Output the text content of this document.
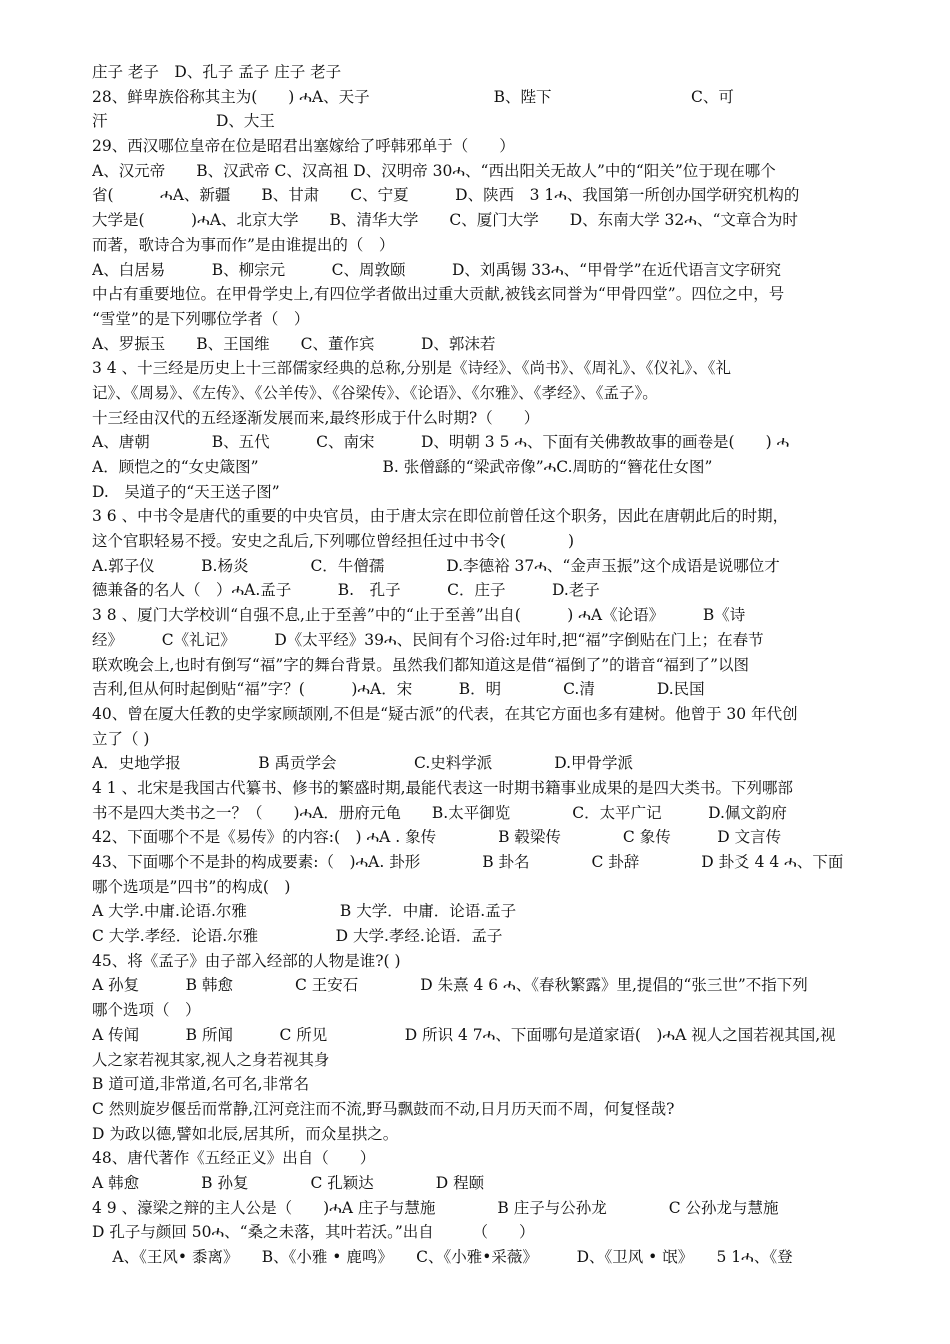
庄子 老子　D、孔子 孟子 庄子 老子
28、鲜卑族俗称其主为(　　) ሓA、天子　　　　　　　　B、陛下　　　　　　　　　C、可
汗　　　　　　　D、大王
29、西汉哪位皇帝在位是昭君出塞嫁给了呼韩邪单于（　　）
A、汉元帝　　B、汉武帝 C、汉高祖 D、汉明帝 30ሓ、“西出阳关无故人”中的“阳关”位于现在哪个
省(　　　ሓA、新疆　　B、甘肃　　C、宁夏　　　D、陕西　3 1ሓ、我国第一所创办国学研究机构的
大学是(　　　)ሓA、北京大学　　B、清华大学　　C、厦门大学　　D、东南大学 32ሓ、“文章合为时
而著，歌诗合为事而作”是由谁提出的（　）
A、白居易　　　B、柳宗元　　　C、周敦颐　　　D、刘禹锡 33ሓ、“甲骨学”在近代语言文字研究
中占有重要地位。在甲骨学史上,有四位学者做出过重大贡献,被钱玄同誉为“甲骨四堂”。四位之中，号
“雪堂”的是下列哪位学者（　）
A、罗振玉　　B、王国维　　C、董作宾　　　D、郭沫若
3 4 、十三经是历史上十三部儒家经典的总称,分别是《诗经》、《尚书》、《周礼》、《仪礼》、《礼
记》、《周易》、《左传》、《公羊传》、《谷梁传》、《论语》、《尔雅》、《孝经》、《孟子》。
十三经由汉代的五经逐渐发展而来,最终形成于什么时期?（　　）
A、唐朝　　　　B、五代　　　C、南宋　　　D、明朝 3 5 ሓ、下面有关佛教故事的画卷是(　　) ሓ
A．顾恺之的“女史箴图”　　　　　　　　B. 张僧繇的“梁武帝像”ሓC.周昉的“簪花仕女图”
D.　吴道子的“天王送子图”
3 6 、中书令是唐代的重要的中央官员，由于唐太宗在即位前曾任这个职务，因此在唐朝此后的时期，
这个官职轻易不授。安史之乱后,下列哪位曾经担任过中书令(　　　　)
A.郭子仪　　　B.杨炎　　　　C．牛僧孺　　　　D.李德裕 37ሓ、“金声玉振”这个成语是说哪位才
德兼备的名人（　）ሓA.孟子　　　B.　孔子　　　C．庄子　　　D.老子
3 8 、厦门大学校训“自强不息,止于至善”中的“止于至善”出自(　　　) ሓA《论语》　　　B《诗
经》　　　C《礼记》　　　D《太平经》39ሓ、民间有个习俗:过年时,把“福”字倒贴在门上；在春节
联欢晚会上,也时有倒写“福”字的舞台背景。虽然我们都知道这是借“福倒了”的谐音“福到了”以图
吉利,但从何时起倒贴“福”字？(　　　)ሓA．宋　　　B．明　　　　C.清　　　　D.民国
40、曾在厦大任教的史学家顾颉刚,不但是“疑古派”的代表，在其它方面也多有建树。他曾于 30 年代创
立了（ )
A．史地学报　　　　　B 禹贡学会　　　　　C.史料学派　　　　D.甲骨学派
4 1 、北宋是我国古代纂书、修书的繁盛时期,最能代表这一时期书籍事业成果的是四大类书。下列哪部
书不是四大类书之一？（　　)ሓA．册府元龟　　B.太平御览　　　　C．太平广记　　　D.佩文韵府
42、下面哪个不是《易传》的内容:(　) ሓA . 象传　　　　B 毂梁传　　　　C 象传　　　D 文言传
43、下面哪个不是卦的构成要素:（　)ሓA. 卦形　　　　B 卦名　　　　C 卦辞　　　　D 卦爻 4 4 ሓ、下面
哪个选项是”四书”的构成(　)
A 大学.中庸.论语.尔雅　　　　　　B 大学．中庸．论语.孟子
C 大学.孝经．论语.尔雅　　　　　D 大学.孝经.论语．孟子
45、将《孟子》由子部入经部的人物是谁?( )
A 孙复　　　B 韩愈　　　　C 王安石　　　　D 朱熹 4 6 ሓ、《春秋繁露》里,提倡的“张三世”不指下列
哪个选项（　）
A 传闻　　　B 所闻　　　C 所见　　　　　D 所识 4 7ሓ、下面哪句是道家语(　)ሓA 视人之国若视其国,视
人之家若视其家,视人之身若视其身
B 道可道,非常道,名可名,非常名
C 然则旋岁偃岳而常静,江河竞注而不流,野马飘鼓而不动,日月历天而不周，何复怪哉?
D 为政以德,譬如北辰,居其所，而众星拱之。
48、唐代著作《五经正义》出自（　　）
A 韩愈　　　　B 孙复　　　　C 孔颖达　　　　D 程颐
4 9 、濠梁之辩的主人公是（　　)ሓA 庄子与慧施　　　　B 庄子与公孙龙　　　　C 公孙龙与慧施
D 孔子与颜回 50ሓ、“桑之未落，其叶若沃。”出自　　　（　　）
　 A、《王风• 黍离》　　B、《小雅 • 鹿鸣》　　C、《小雅•采薇》　　　D、《卫风 • 氓》　　5 1ሓ、《登
